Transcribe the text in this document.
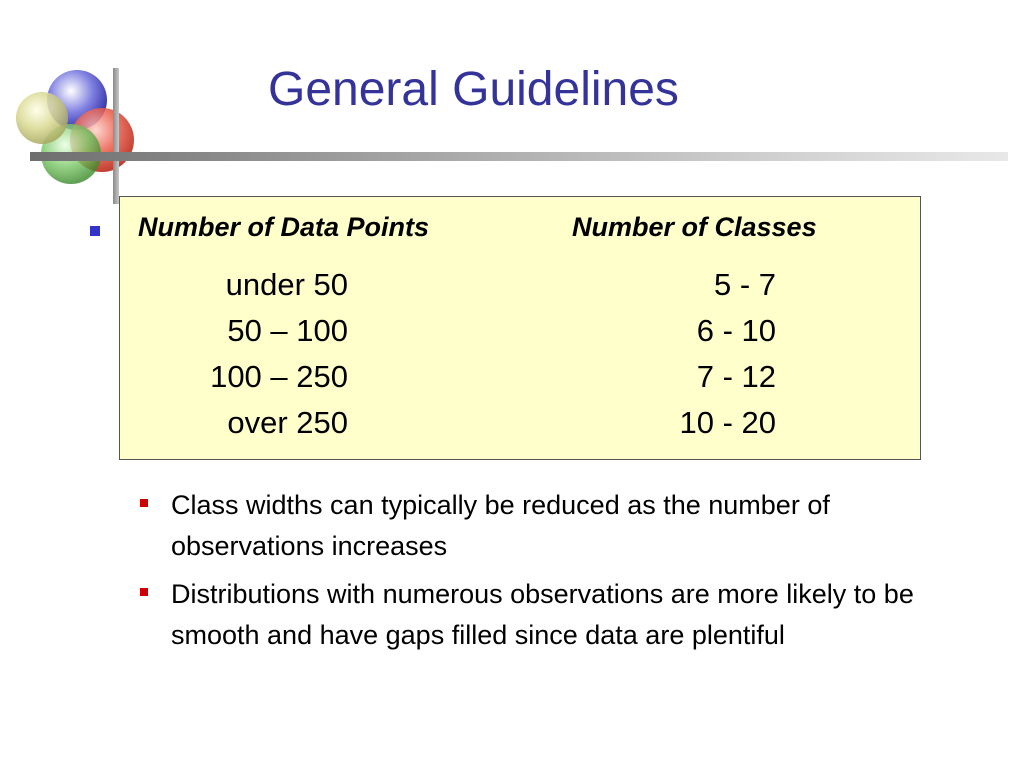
General Guidelines
Number of Data Points	Number of Classes
under 50	5 - 7
50 – 100	6 - 10
100 – 250	7 - 12
over 250	10 - 20
Class widths can typically be reduced as the number of observations increases
Distributions with numerous observations are more likely to be smooth and have gaps filled since data are plentiful
